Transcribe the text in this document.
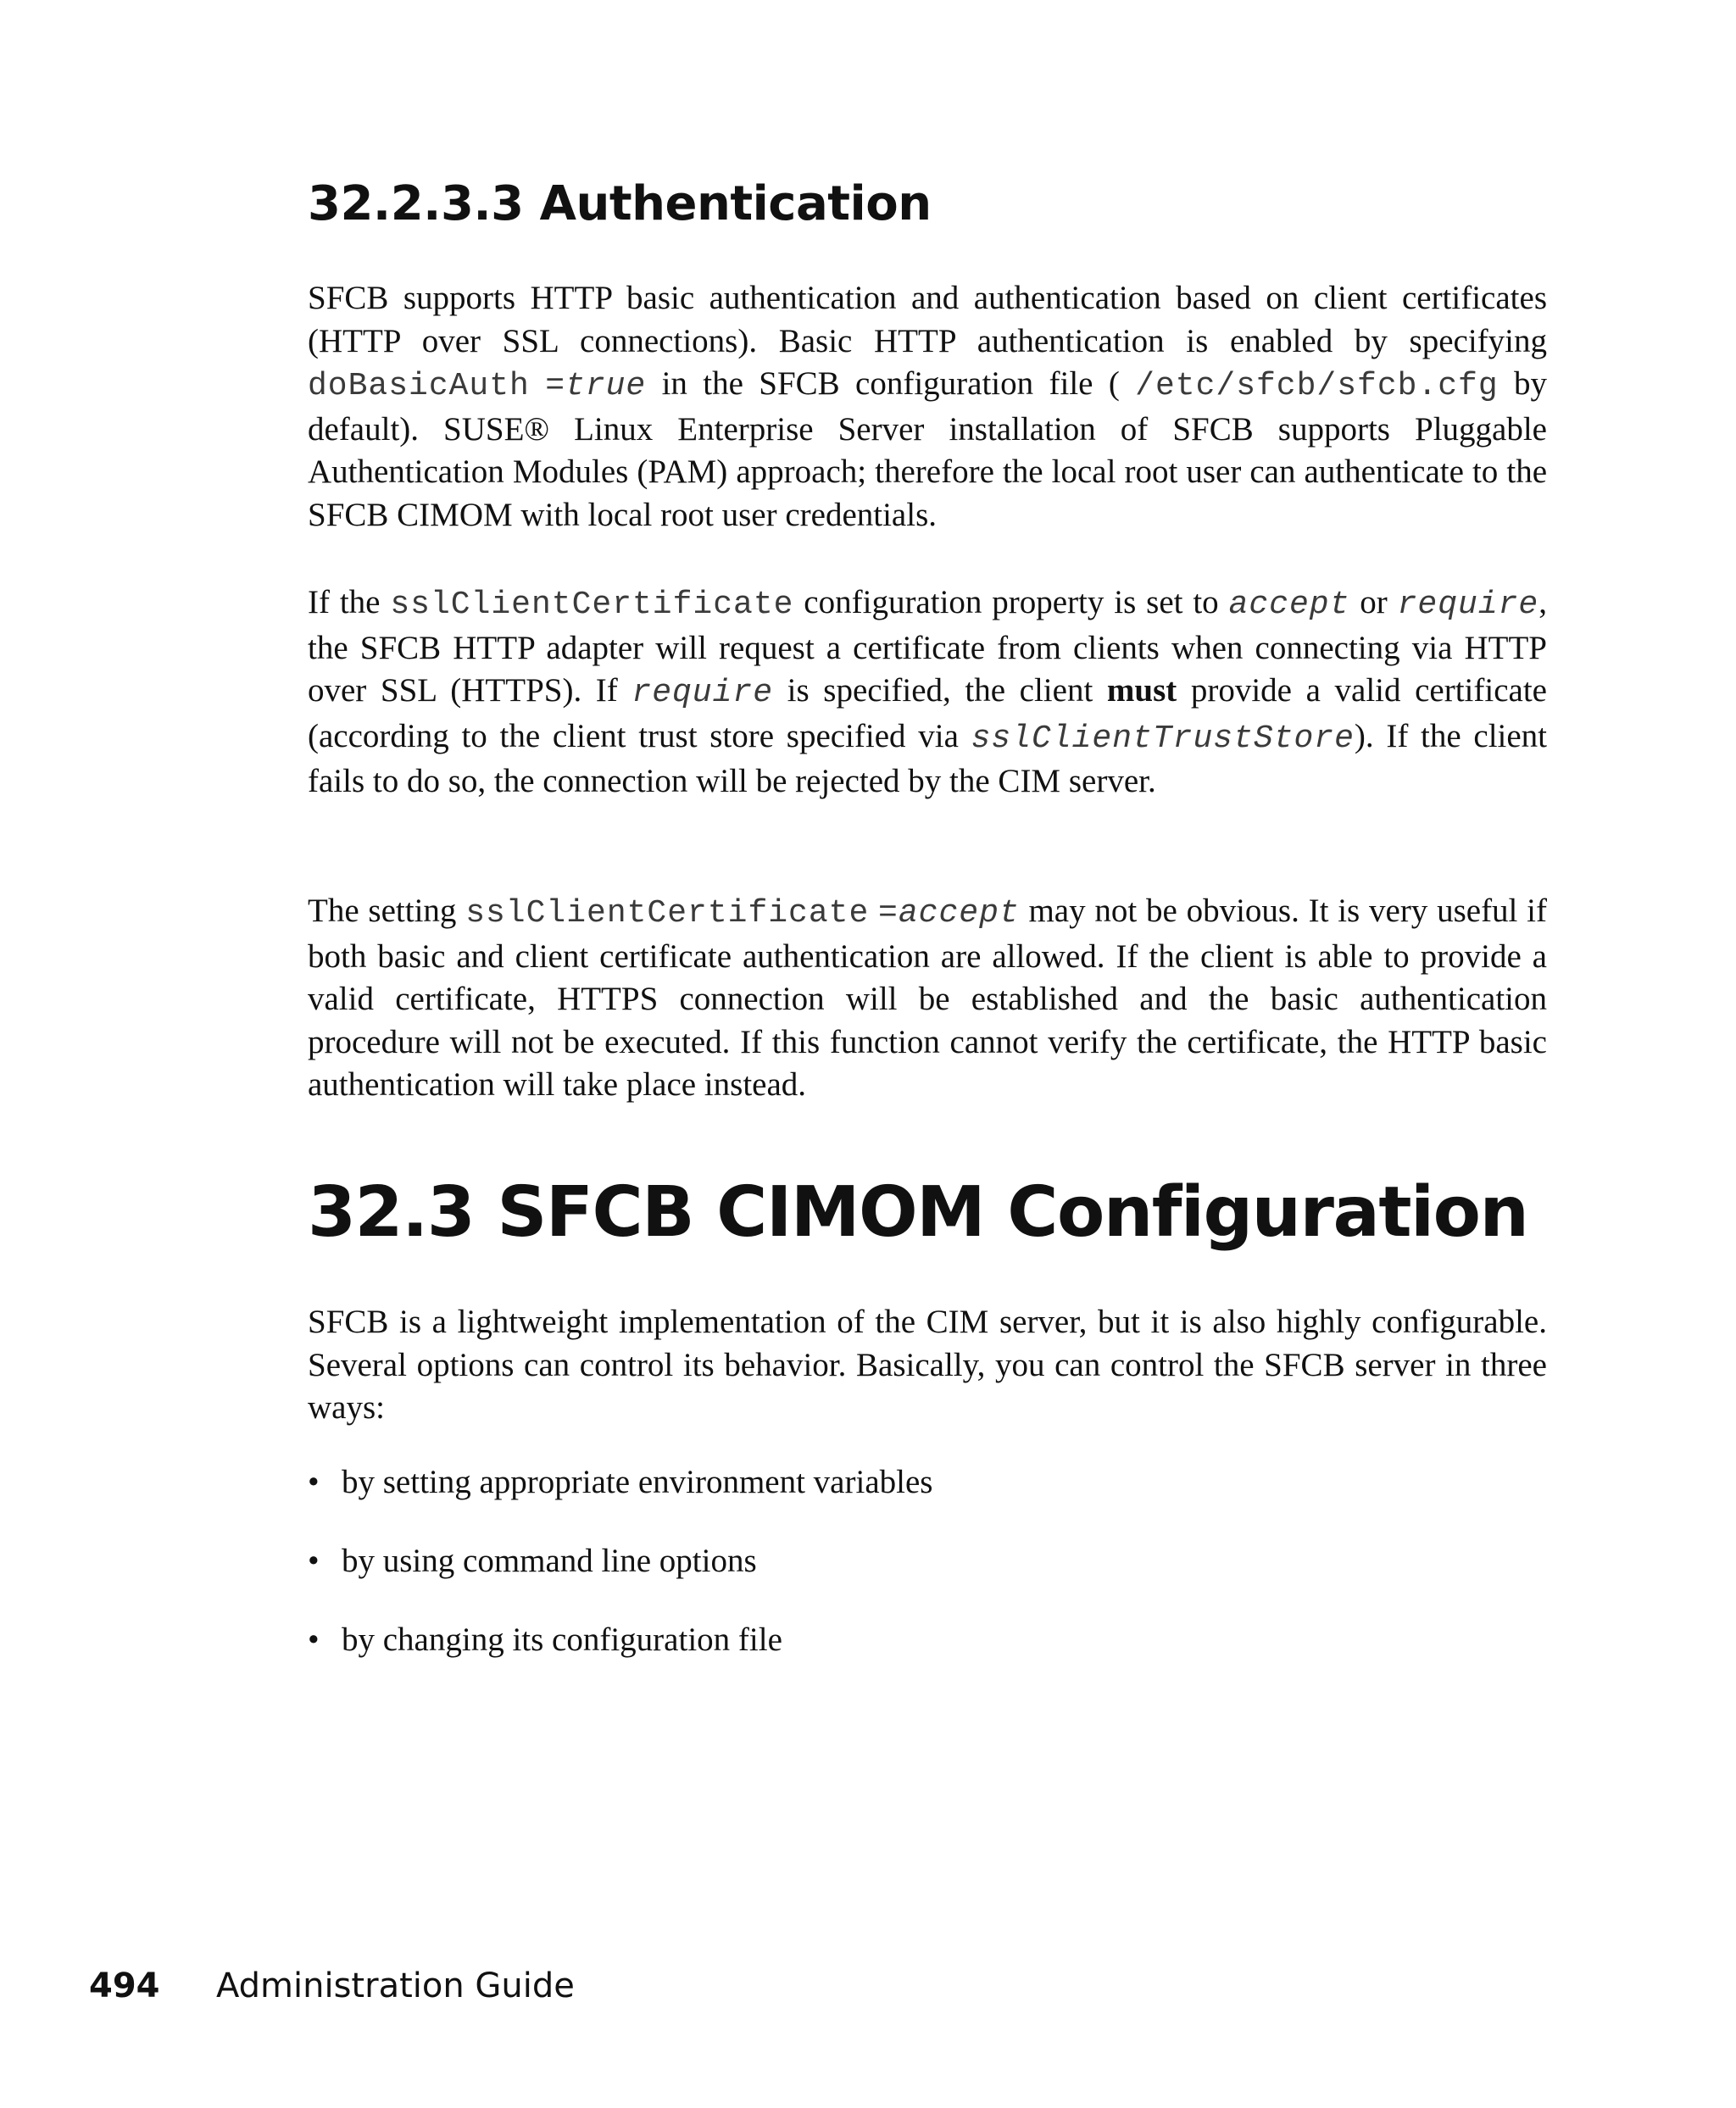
32.2.3.3 Authentication

SFCB supports HTTP basic authentication and authentication based on client certificates (HTTP over SSL connections). Basic HTTP authentication is enabled by specifying doBasicAuth =true in the SFCB configuration file ( /etc/sfcb/sfcb.cfg by default). SUSE® Linux Enterprise Server installation of SFCB supports Pluggable Authentication Modules (PAM) approach; therefore the local root user can authenticate to the SFCB CIMOM with local root user credentials.

If the sslClientCertificate configuration property is set to accept or require, the SFCB HTTP adapter will request a certificate from clients when connecting via HTTP over SSL (HTTPS). If require is specified, the client must provide a valid certificate (according to the client trust store specified via sslClientTrustStore). If the client fails to do so, the connection will be rejected by the CIM server.

The setting sslClientCertificate =accept may not be obvious. It is very useful if both basic and client certificate authentication are allowed. If the client is able to provide a valid certificate, HTTPS connection will be established and the basic authentication procedure will not be executed. If this function cannot verify the certificate, the HTTP basic authentication will take place instead.

32.3 SFCB CIMOM Configuration

SFCB is a lightweight implementation of the CIM server, but it is also highly configurable. Several options can control its behavior. Basically, you can control the SFCB server in three ways:

• by setting appropriate environment variables
• by using command line options
• by changing its configuration file
494 Administration Guide
